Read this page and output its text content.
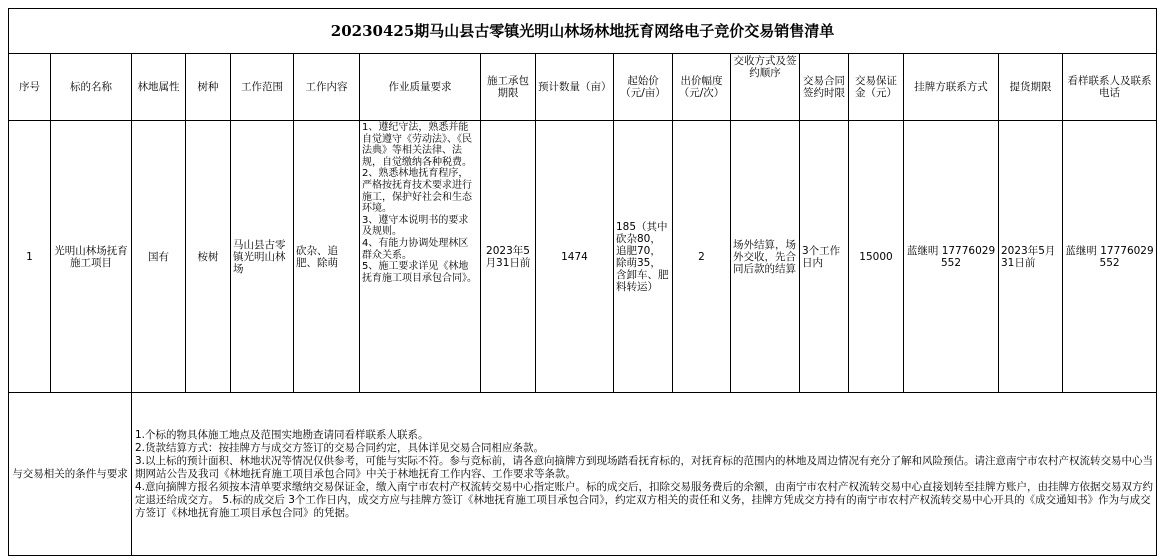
20230425期马山县古零镇光明山林场林地抚育网络电子竞价交易销售清单																
序号	标的名称	林地属性	树种	工作范围	工作内容	作业质量要求	施工承包期限	预计数量（亩）	起始价（元/亩）	出价幅度（元/次）	交收方式及签约顺序	交易合同签约时限	交易保证金（元）	挂牌方联系方式	提货期限	看样联系人及联系电话
1	光明山林场抚育施工项目	国有	桉树	马山县古零镇光明山林场	砍杂、追肥、除萌	1、遵纪守法，熟悉并能自觉遵守《劳动法》、《民法典》等相关法律、法规，自觉缴纳各种税费。
2、熟悉林地抚育程序，严格按抚育技术要求进行施工，保护好社会和生态环境。
3、遵守本说明书的要求及规则。
4、有能力协调处理林区群众关系。
5、施工要求详见《林地抚育施工项目承包合同》。	2023年5月31日前	1474	185（其中砍杂80，追肥70，除萌35，含卸车、肥料转运）	2	场外结算，场外交收，先合同后款的结算	3个工作日内	15000	蓝继明 17776029552	2023年5月31日前	蓝继明 17776029552
与交易相关的条件与要求		1.个标的物具体施工地点及范围实地勘查请同看样联系人联系。
2.货款结算方式：按挂牌方与成交方签订的交易合同约定，具体详见交易合同相应条款。
3.以上标的预计面积、林地状况等情况仅供参考，可能与实际不符。参与竞标前，请各意向摘牌方到现场踏看抚育标的，对抚育标的范围内的林地及周边情况有充分了解和风险预估。请注意南宁市农村产权流转交易中心当期网站公告及我司《林地抚育施工项目承包合同》中关于林地抚育工作内容、工作要求等条款。
4.意向摘牌方报名须按本清单要求缴纳交易保证金，缴入南宁市农村产权流转交易中心指定账户。标的成交后，扣除交易服务费后的余额，由南宁市农村产权流转交易中心直接划转至挂牌方账户，由挂牌方依据交易双方约定退还给成交方。 5.标的成交后 3个工作日内，成交方应与挂牌方签订《林地抚育施工项目承包合同》，约定双方相关的责任和义务，挂牌方凭成交方持有的南宁市农村产权流转交易中心开具的《成交通知书》作为与成交方签订《林地抚育施工项目承包合同》的凭据。														
